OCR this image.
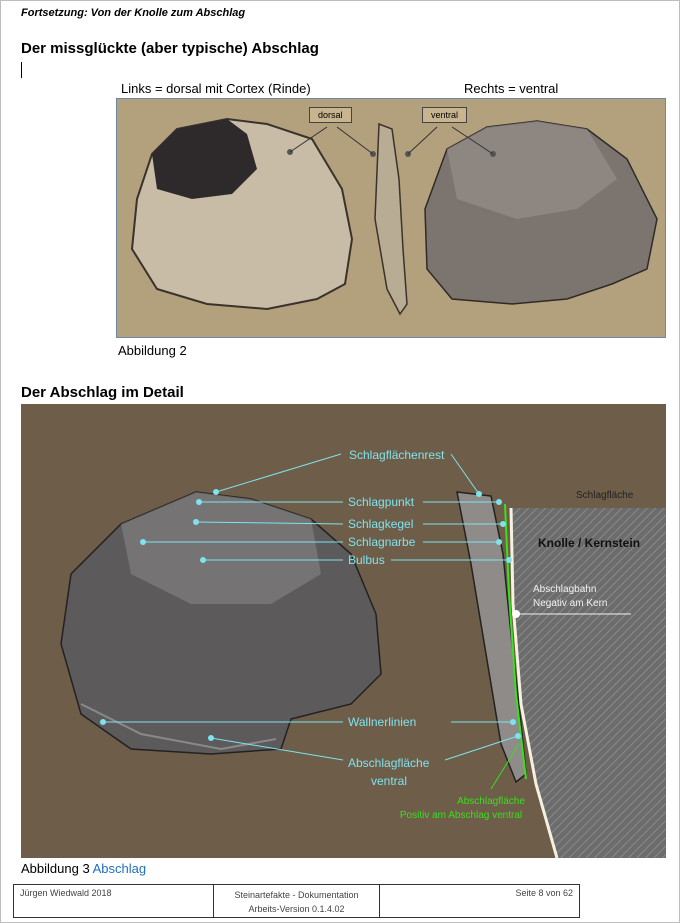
Fortsetzung: Von der Knolle zum Abschlag
Der missglückte (aber typische) Abschlag
Links = dorsal mit Cortex (Rinde)	Rechts = ventral
dorsal	ventral
Abbildung 2
Der Abschlag im Detail
Schlagflächenrest
Schlagpunkt
Schlagkegel
Schlagnarbe
Bulbus
Wallnerlinien
Abschlagfläche
ventral
Schlagfläche
Knolle / Kernstein
Abschlagbahn
Negativ am Kern
Abschlagfläche
Positiv am Abschlag ventral
Abbildung 3 Abschlag
Jürgen Wiedwald 2018	Steinartefakte - Dokumentation
Arbeits-Version 0.1.4.02
Seite 8 von 62
